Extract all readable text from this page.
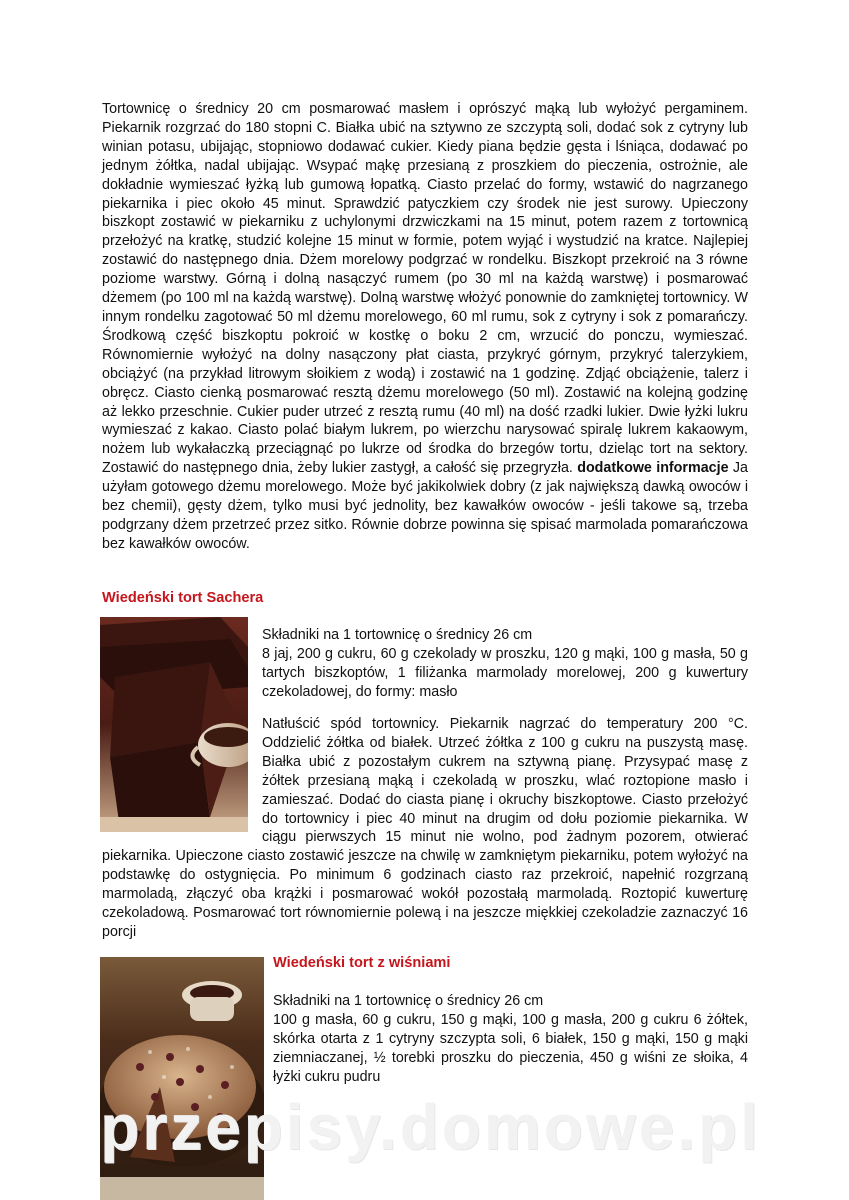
Tortownicę o średnicy 20 cm posmarować masłem i oprószyć mąką lub wyłożyć pergaminem. Piekarnik rozgrzać do 180 stopni C. Białka ubić na sztywno ze szczyptą soli, dodać sok z cytryny lub winian potasu, ubijając, stopniowo dodawać cukier. Kiedy piana będzie gęsta i lśniąca, dodawać po jednym żółtka, nadal ubijając. Wsypać mąkę przesianą z proszkiem do pieczenia, ostrożnie, ale dokładnie wymieszać łyżką lub gumową łopatką. Ciasto przelać do formy, wstawić do nagrzanego piekarnika i piec około 45 minut. Sprawdzić patyczkiem czy środek nie jest surowy. Upieczony biszkopt zostawić w piekarniku z uchylonymi drzwiczkami na 15 minut, potem razem z tortownicą przełożyć na kratkę, studzić kolejne 15 minut w formie, potem wyjąć i wystudzić na kratce. Najlepiej zostawić do następnego dnia. Dżem morelowy podgrzać w rondelku. Biszkopt przekroić na 3 równe poziome warstwy. Górną i dolną nasączyć rumem (po 30 ml na każdą warstwę) i posmarować dżemem (po 100 ml na każdą warstwę). Dolną warstwę włożyć ponownie do zamkniętej tortownicy. W innym rondelku zagotować 50 ml dżemu morelowego, 60 ml rumu, sok z cytryny i sok z pomarańczy. Środkową część biszkoptu pokroić w kostkę o boku 2 cm, wrzucić do ponczu, wymieszać. Równomiernie wyłożyć na dolny nasączony płat ciasta, przykryć górnym, przykryć talerzykiem, obciążyć (na przykład litrowym słoikiem z wodą) i zostawić na 1 godzinę. Zdjąć obciążenie, talerz i obręcz. Ciasto cienką posmarować resztą dżemu morelowego (50 ml). Zostawić na kolejną godzinę aż lekko przeschnie. Cukier puder utrzeć z resztą rumu (40 ml) na dość rzadki lukier. Dwie łyżki lukru wymieszać z kakao. Ciasto polać białym lukrem, po wierzchu narysować spiralę lukrem kakaowym, nożem lub wykałaczką przeciągnąć po lukrze od środka do brzegów tortu, dzieląc tort na sektory. Zostawić do następnego dnia, żeby lukier zastygł, a całość się przegryzła. dodatkowe informacje Ja użyłam gotowego dżemu morelowego. Może być jakikolwiek dobry (z jak największą dawką owoców i bez chemii), gęsty dżem, tylko musi być jednolity, bez kawałków owoców - jeśli takowe są, trzeba podgrzany dżem przetrzeć przez sitko. Równie dobrze powinna się spisać marmolada pomarańczowa bez kawałków owoców.
Wiedeński tort Sachera
Składniki na 1 tortownicę o średnicy 26 cm
8 jaj, 200 g cukru, 60 g czekolady w proszku, 120 g mąki, 100 g masła, 50 g tartych biszkoptów, 1 filiżanka marmolady morelowej, 200 g kuwertury czekoladowej, do formy: masło
Natłuścić spód tortownicy. Piekarnik nagrzać do temperatury 200 °C. Oddzielić żółtka od białek. Utrzeć żółtka z 100 g cukru na puszystą masę. Białka ubić z pozostałym cukrem na sztywną pianę. Przysypać masę z żółtek przesianą mąką i czekoladą w proszku, wlać roztopione masło i zamieszać. Dodać do ciasta pianę i okruchy biszkoptowe. Ciasto przełożyć do tortownicy i piec 40 minut na drugim od dołu poziomie piekarnika. W ciągu pierwszych 15 minut nie wolno, pod żadnym pozorem, otwierać piekarnika. Upieczone ciasto zostawić jeszcze na chwilę w zamkniętym piekarniku, potem wyłożyć na podstawkę do ostygnięcia. Po minimum 6 godzinach ciasto raz przekroić, napełnić rozgrzaną marmoladą, złączyć oba krążki i posmarować wokół pozostałą marmoladą. Roztopić kuwerturę czekoladową. Posmarować tort równomiernie polewą i na jeszcze miękkiej czekoladzie zaznaczyć 16 porcji
Wiedeński tort z wiśniami
Składniki na 1 tortownicę o średnicy 26 cm
100 g masła, 60 g cukru, 150 g mąki, 100 g masła, 200 g cukru 6 żółtek, skórka otarta z 1 cytryny szczypta soli, 6 białek, 150 g mąki, 150 g mąki ziemniaczanej, ½ torebki proszku do pieczenia, 450 g wiśni ze słoika, 4 łyżki cukru pudru
przepisy.domowe.pl
